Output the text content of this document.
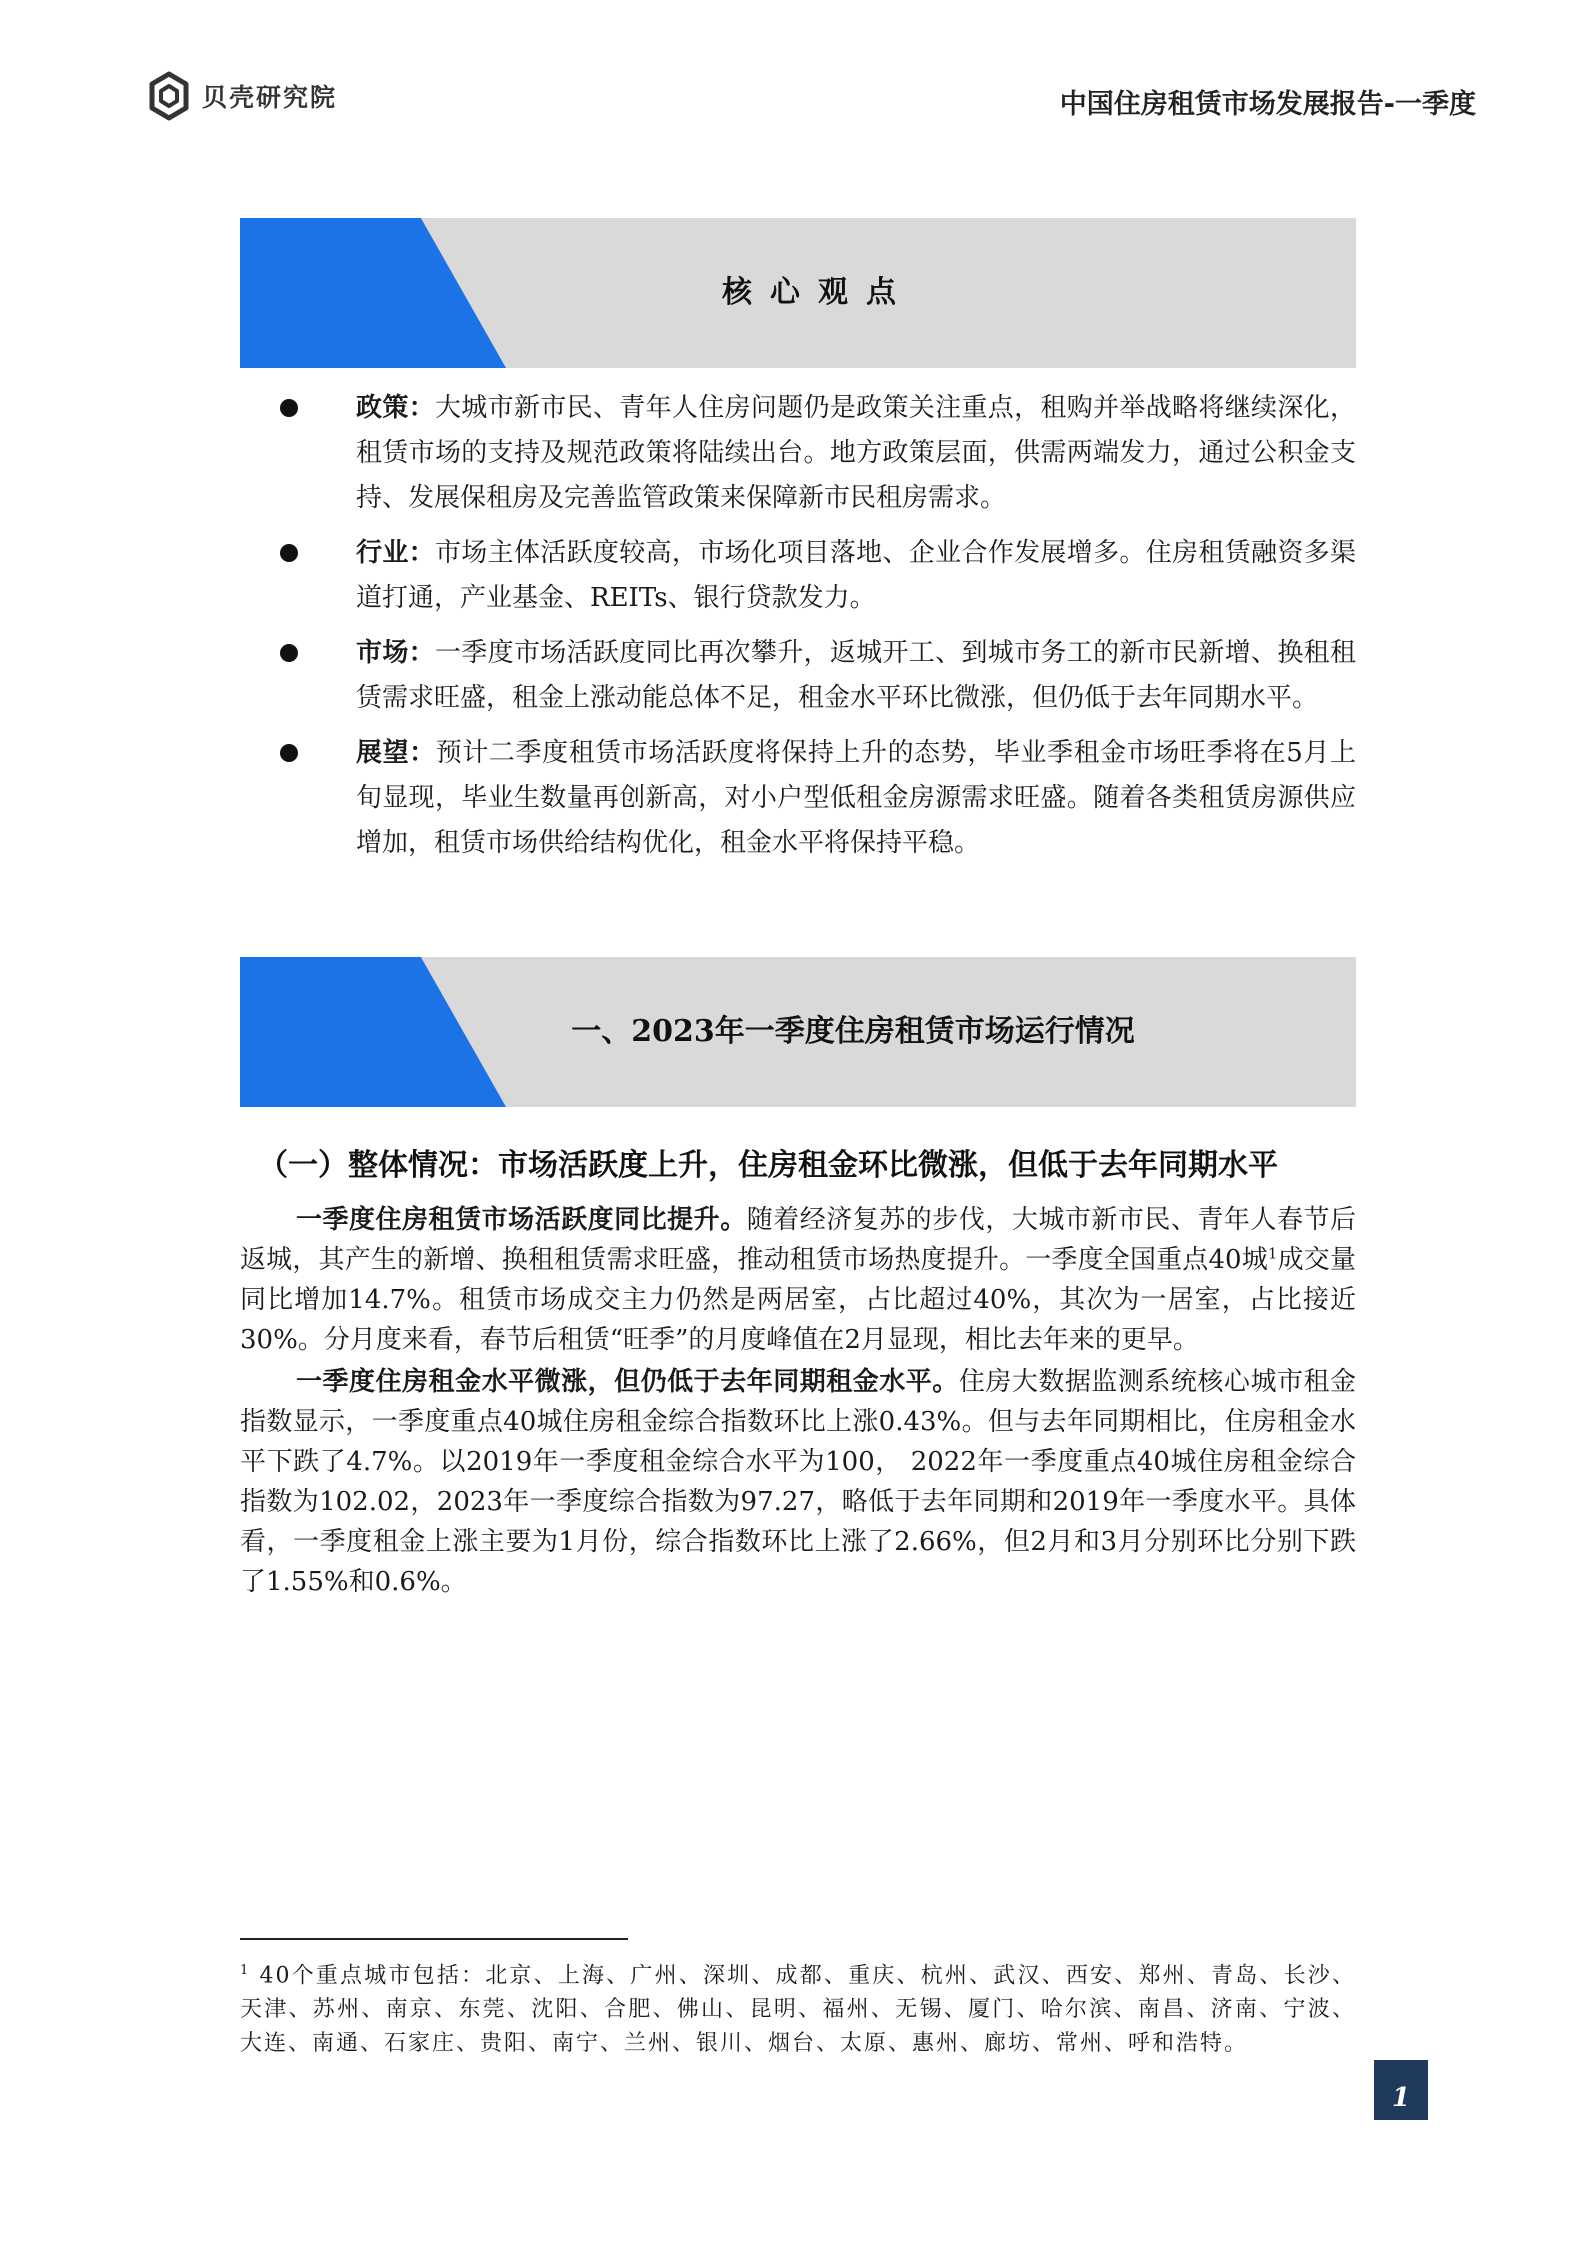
贝壳研究院	中国住房租赁市场发展报告-一季度
核心观点
政策：大城市新市民、青年人住房问题仍是政策关注重点，租购并举战略将继续深化，租赁市场的支持及规范政策将陆续出台。地方政策层面，供需两端发力，通过公积金支持、发展保租房及完善监管政策来保障新市民租房需求。
行业：市场主体活跃度较高，市场化项目落地、企业合作发展增多。住房租赁融资多渠道打通，产业基金、REITs、银行贷款发力。
市场：一季度市场活跃度同比再次攀升，返城开工、到城市务工的新市民新增、换租租赁需求旺盛，租金上涨动能总体不足，租金水平环比微涨，但仍低于去年同期水平。
展望：预计二季度租赁市场活跃度将保持上升的态势，毕业季租金市场旺季将在5月上旬显现，毕业生数量再创新高，对小户型低租金房源需求旺盛。随着各类租赁房源供应增加，租赁市场供给结构优化，租金水平将保持平稳。
一、2023年一季度住房租赁市场运行情况
（一）整体情况：市场活跃度上升，住房租金环比微涨，但低于去年同期水平

一季度住房租赁市场活跃度同比提升。随着经济复苏的步伐，大城市新市民、青年人春节后返城，其产生的新增、换租租赁需求旺盛，推动租赁市场热度提升。一季度全国重点40城$^1$成交量同比增加14.7%。租赁市场成交主力仍然是两居室，占比超过40%，其次为一居室，占比接近30%。分月度来看，春节后租赁“旺季”的月度峰值在2月显现，相比去年来的更早。

一季度住房租金水平微涨，但仍低于去年同期租金水平。住房大数据监测系统核心城市租金指数显示，一季度重点40城住房租金综合指数环比上涨0.43%。但与去年同期相比，住房租金水平下跌了4.7%。以2019年一季度租金综合水平为100， 2022年一季度重点40城住房租金综合指数为102.02，2023年一季度综合指数为97.27，略低于去年同期和2019年一季度水平。具体看，一季度租金上涨主要为1月份，综合指数环比上涨了2.66%，但2月和3月分别环比分别下跌了1.55%和0.6%。

$^1$ 40个重点城市包括：北京、上海、广州、深圳、成都、重庆、杭州、武汉、西安、郑州、青岛、长沙、天津、苏州、南京、东莞、沈阳、合肥、佛山、昆明、福州、无锡、厦门、哈尔滨、南昌、济南、宁波、大连、南通、石家庄、贵阳、南宁、兰州、银川、烟台、太原、惠州、廊坊、常州、呼和浩特。
1
